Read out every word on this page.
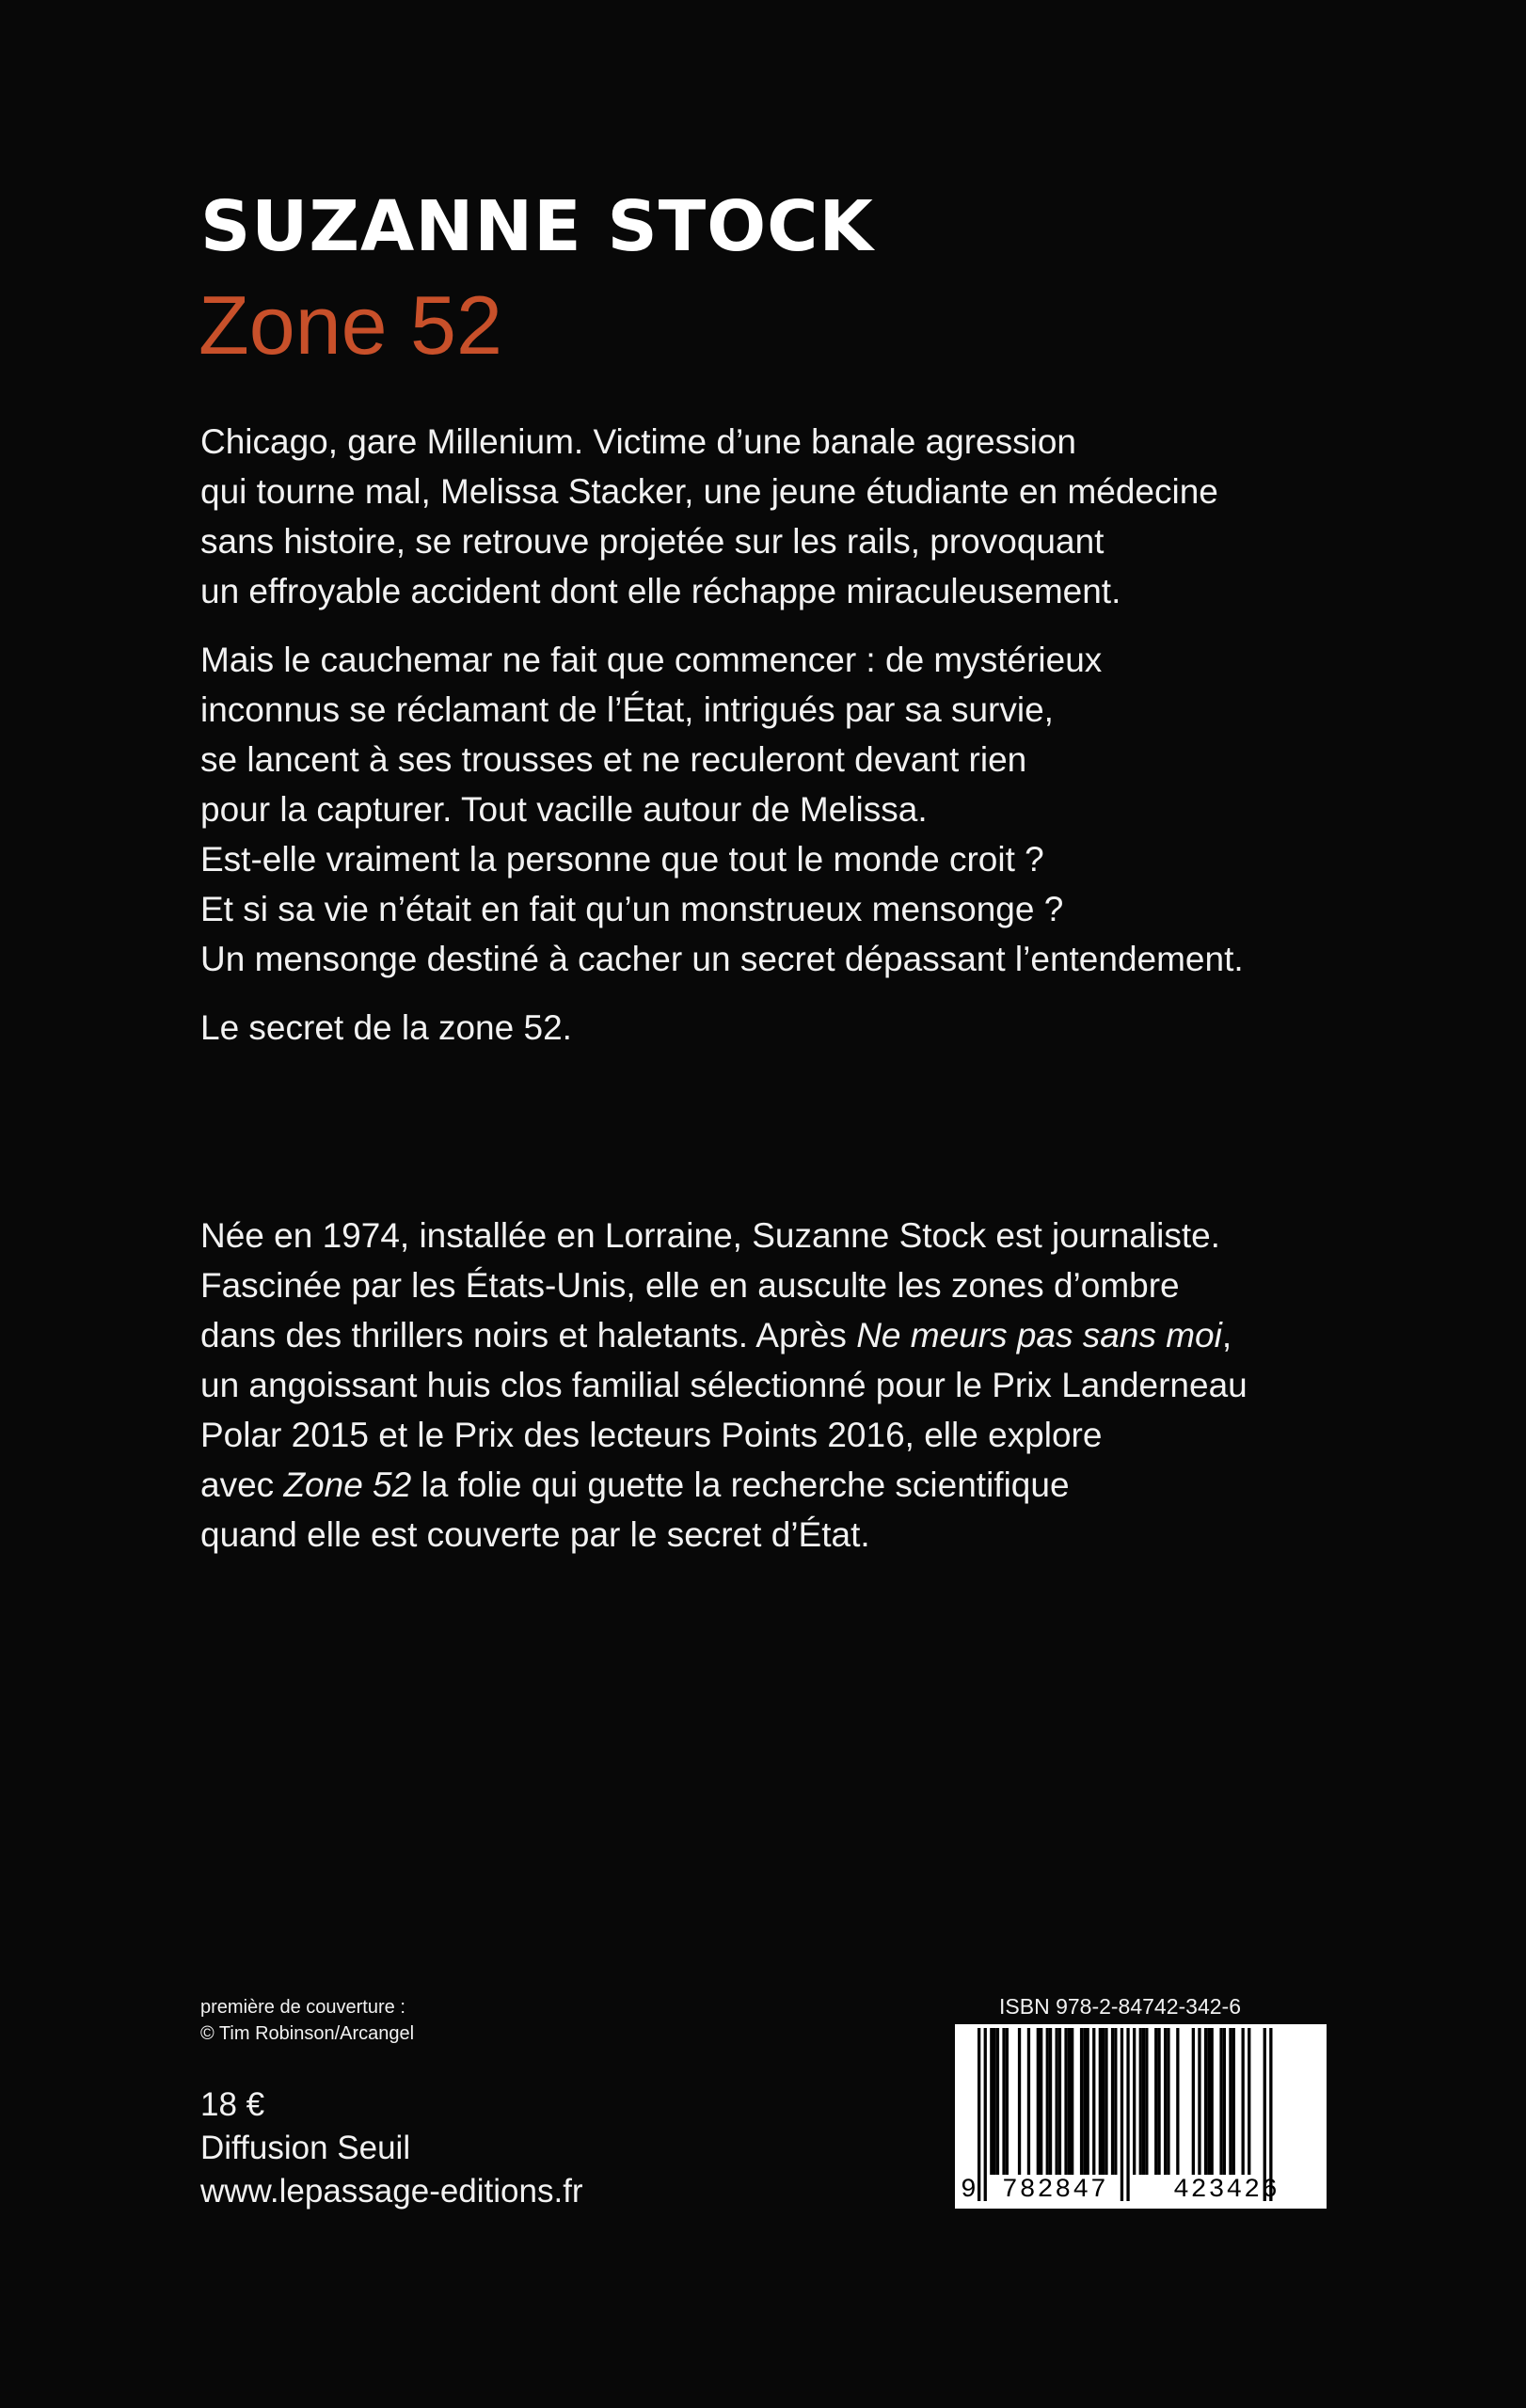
SUZANNE STOCK
Zone 52

Chicago, gare Millenium. Victime d’une banale agression
qui tourne mal, Melissa Stacker, une jeune étudiante en médecine
sans histoire, se retrouve projetée sur les rails, provoquant
un effroyable accident dont elle réchappe miraculeusement.

Mais le cauchemar ne fait que commencer : de mystérieux
inconnus se réclamant de l’État, intrigués par sa survie,
se lancent à ses trousses et ne reculeront devant rien
pour la capturer. Tout vacille autour de Melissa.
Est-elle vraiment la personne que tout le monde croit ?
Et si sa vie n’était en fait qu’un monstrueux mensonge ?
Un mensonge destiné à cacher un secret dépassant l’entendement.

Le secret de la zone 52.

Née en 1974, installée en Lorraine, Suzanne Stock est journaliste.
Fascinée par les États-Unis, elle en ausculte les zones d’ombre
dans des thrillers noirs et haletants. Après Ne meurs pas sans moi,
un angoissant huis clos familial sélectionné pour le Prix Landerneau
Polar 2015 et le Prix des lecteurs Points 2016, elle explore
avec Zone 52 la folie qui guette la recherche scientifique
quand elle est couverte par le secret d’État.

première de couverture :
© Tim Robinson/Arcangel
18 €
Diffusion Seuil
www.lepassage-editions.fr
ISBN 978-2-84742-342-6
9 782847 423426
